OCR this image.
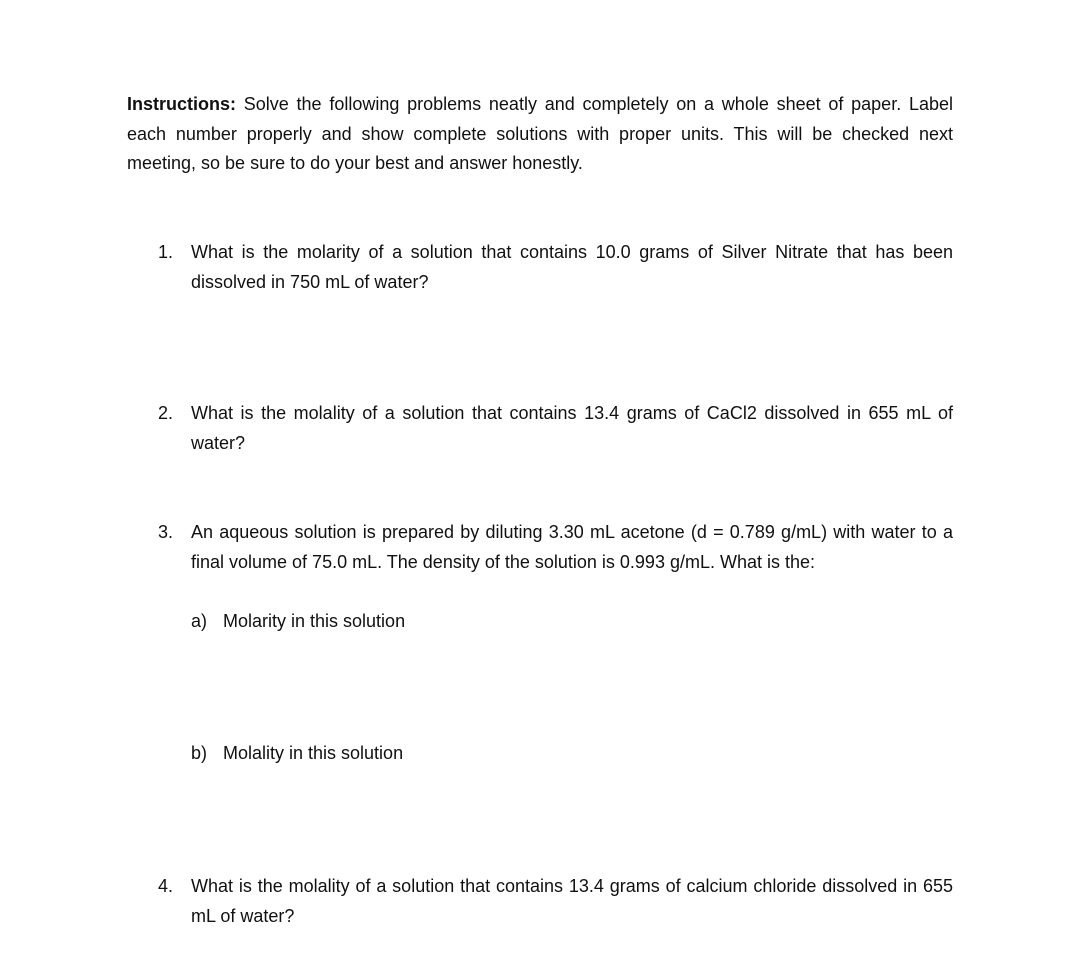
Instructions: Solve the following problems neatly and completely on a whole sheet of paper. Label each number properly and show complete solutions with proper units. This will be checked next meeting, so be sure to do your best and answer honestly.

1. What is the molarity of a solution that contains 10.0 grams of Silver Nitrate that has been dissolved in 750 mL of water?
2. What is the molality of a solution that contains 13.4 grams of CaCl2 dissolved in 655 mL of water?
3. An aqueous solution is prepared by diluting 3.30 mL acetone (d = 0.789 g/mL) with water to a final volume of 75.0 mL. The density of the solution is 0.993 g/mL. What is the:
a) Molarity in this solution
b) Molality in this solution
4. What is the molality of a solution that contains 13.4 grams of calcium chloride dissolved in 655 mL of water?
